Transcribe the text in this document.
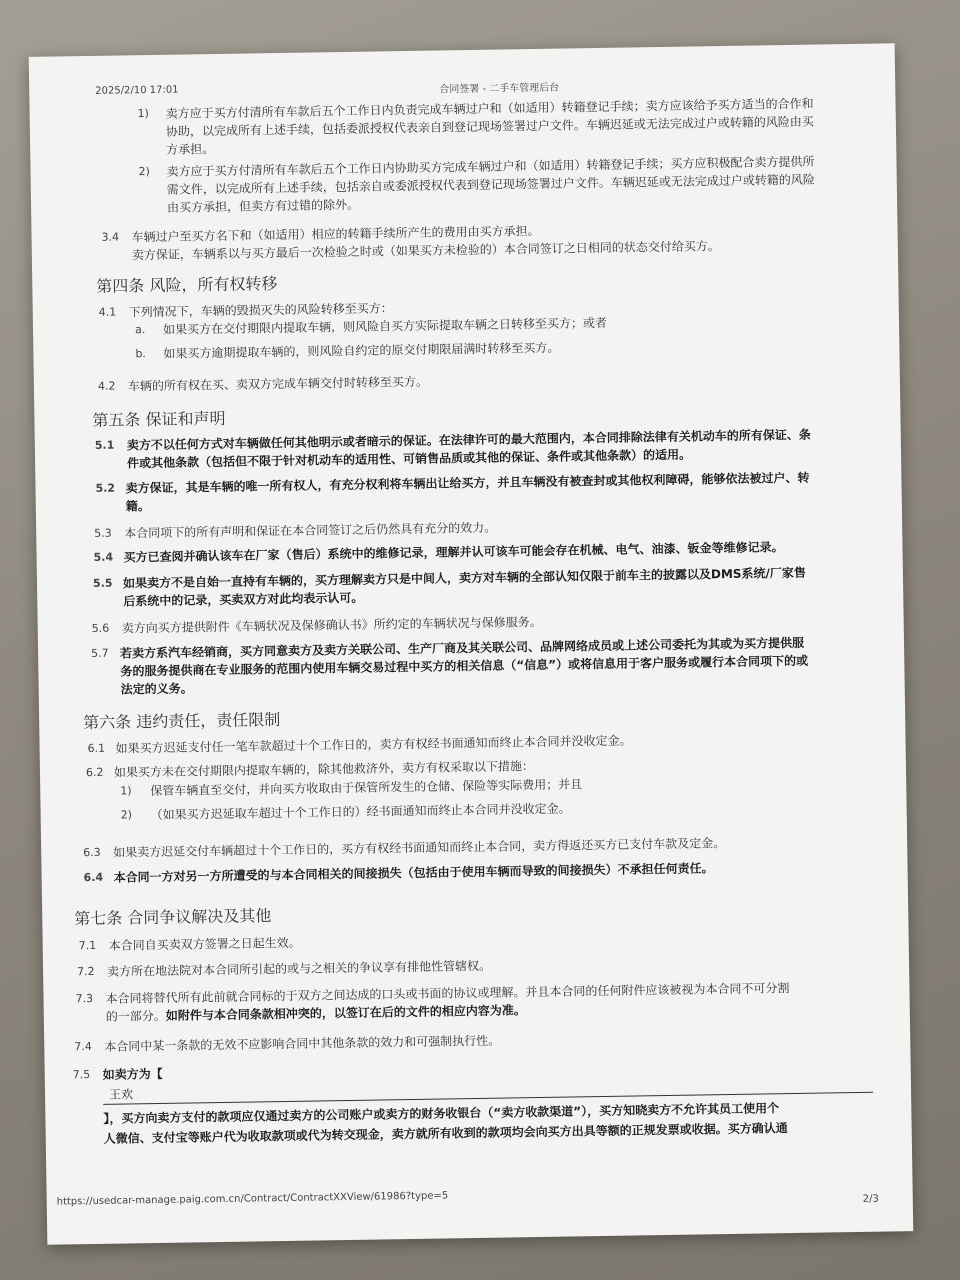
2025/2/10 17:01	合同签署 - 二手车管理后台
1) 卖方应于买方付清所有车款后五个工作日内负责完成车辆过户和（如适用）转籍登记手续；卖方应该给予买方适当的合作和
协助，以完成所有上述手续，包括委派授权代表亲自到登记现场签署过户文件。车辆迟延或无法完成过户或转籍的风险由买
方承担。
2) 卖方应于买方付清所有车款后五个工作日内协助买方完成车辆过户和（如适用）转籍登记手续；买方应积极配合卖方提供所
需文件，以完成所有上述手续，包括亲自或委派授权代表到登记现场签署过户文件。车辆迟延或无法完成过户或转籍的风险
由买方承担，但卖方有过错的除外。
3.4 车辆过户至买方名下和（如适用）相应的转籍手续所产生的费用由买方承担。
卖方保证，车辆系以与买方最后一次检验之时或（如果买方未检验的）本合同签订之日相同的状态交付给买方。
第四条 风险，所有权转移
4.1 下列情况下，车辆的毁损灭失的风险转移至买方：
a. 如果买方在交付期限内提取车辆，则风险自买方实际提取车辆之日转移至买方；或者
b. 如果买方逾期提取车辆的，则风险自约定的原交付期限届满时转移至买方。
4.2 车辆的所有权在买、卖双方完成车辆交付时转移至买方。
第五条 保证和声明
5.1 卖方不以任何方式对车辆做任何其他明示或者暗示的保证。在法律许可的最大范围内，本合同排除法律有关机动车的所有保证、条
件或其他条款（包括但不限于针对机动车的适用性、可销售品质或其他的保证、条件或其他条款）的适用。
5.2 卖方保证，其是车辆的唯一所有权人，有充分权利将车辆出让给买方，并且车辆没有被查封或其他权利障碍，能够依法被过户、转
籍。
5.3 本合同项下的所有声明和保证在本合同签订之后仍然具有充分的效力。
5.4 买方已查阅并确认该车在厂家（售后）系统中的维修记录，理解并认可该车可能会存在机械、电气、油漆、钣金等维修记录。
5.5 如果卖方不是自始一直持有车辆的，买方理解卖方只是中间人，卖方对车辆的全部认知仅限于前车主的披露以及DMS系统/厂家售
后系统中的记录，买卖双方对此均表示认可。
5.6 卖方向买方提供附件《车辆状况及保修确认书》所约定的车辆状况与保修服务。
5.7 若卖方系汽车经销商，买方同意卖方及卖方关联公司、生产厂商及其关联公司、品牌网络成员或上述公司委托为其或为买方提供服
务的服务提供商在专业服务的范围内使用车辆交易过程中买方的相关信息（“信息”）或将信息用于客户服务或履行本合同项下的或
法定的义务。
第六条 违约责任，责任限制
6.1 如果买方迟延支付任一笔车款超过十个工作日的，卖方有权经书面通知而终止本合同并没收定金。
6.2 如果买方未在交付期限内提取车辆的，除其他救济外，卖方有权采取以下措施：
1) 保管车辆直至交付，并向买方收取由于保管所发生的仓储、保险等实际费用；并且
2) （如果买方迟延取车超过十个工作日的）经书面通知而终止本合同并没收定金。
6.3 如果卖方迟延交付车辆超过十个工作日的，买方有权经书面通知而终止本合同，卖方得返还买方已支付车款及定金。
6.4 本合同一方对另一方所遭受的与本合同相关的间接损失（包括由于使用车辆而导致的间接损失）不承担任何责任。
第七条 合同争议解决及其他
7.1 本合同自买卖双方签署之日起生效。
7.2 卖方所在地法院对本合同所引起的或与之相关的争议享有排他性管辖权。
7.3 本合同将替代所有此前就合同标的于双方之间达成的口头或书面的协议或理解。并且本合同的任何附件应该被视为本合同不可分割
的一部分。如附件与本合同条款相冲突的，以签订在后的文件的相应内容为准。
7.4 本合同中某一条款的无效不应影响合同中其他条款的效力和可强制执行性。
7.5 如卖方为【
王欢
】，买方向卖方支付的款项应仅通过卖方的公司账户或卖方的财务收银台（“卖方收款渠道”），买方知晓卖方不允许其员工使用个
人微信、支付宝等账户代为收取款项或代为转交现金，卖方就所有收到的款项均会向买方出具等额的正规发票或收据。买方确认通
https://usedcar-manage.paig.com.cn/Contract/ContractXXView/61986?type=5	2/3
